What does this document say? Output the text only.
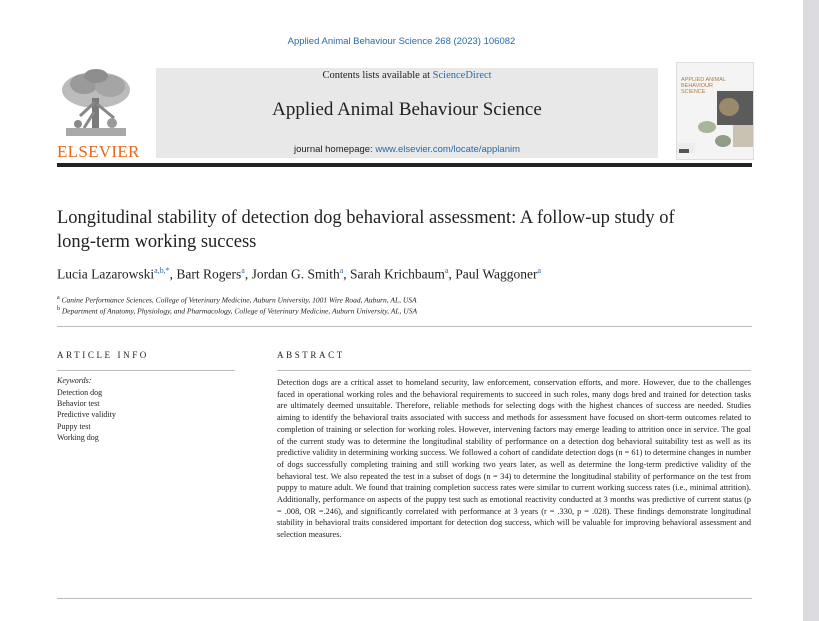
Applied Animal Behaviour Science 268 (2023) 106082
ELSEVIER
Contents lists available at ScienceDirect
Applied Animal Behaviour Science
journal homepage: www.elsevier.com/locate/applanim
APPLIED ANIMAL BEHAVIOUR SCIENCE
Longitudinal stability of detection dog behavioral assessment: A follow-up study of long-term working success
Lucia Lazarowski$^{a,b,*}$, Bart Rogers$^a$, Jordan G. Smith$^a$, Sarah Krichbaum$^a$, Paul Waggoner$^a$
$^a$ Canine Performance Sciences, College of Veterinary Medicine, Auburn University, 1001 Wire Road, Auburn, AL, USA
$^b$ Department of Anatomy, Physiology, and Pharmacology, College of Veterinary Medicine, Auburn University, AL, USA
ARTICLE INFO
Keywords:
Detection dog
Behavior test
Predictive validity
Puppy test
Working dog
ABSTRACT
Detection dogs are a critical asset to homeland security, law enforcement, conservation efforts, and more. However, due to the challenges faced in operational working roles and the behavioral requirements to succeed in such roles, many dogs bred and trained for detection tasks are ultimately deemed unsuitable. Therefore, reliable methods for selecting dogs with the highest chances of success are needed. Studies aiming to identify the behavioral traits associated with success and methods for assessment have focused on short-term outcomes related to completion of training or selection for working roles. However, intervening factors may emerge leading to attrition once in service. The goal of the current study was to determine the longitudinal stability of performance on a detection dog behavioral suitability test as well as its predictive validity in determining working success. We followed a cohort of candidate detection dogs (n = 61) to determine changes in number of dogs successfully completing training and still working two years later, as well as determine the long-term predictive validity of the behavioral test. We also repeated the test in a subset of dogs (n = 34) to determine the longitudinal stability of performance on the test from puppy to mature adult. We found that training completion success rates were similar to current working success rates (i.e., minimal attrition). Additionally, performance on aspects of the puppy test such as emotional reactivity conducted at 3 months was predictive of current status (p = .008, OR =.246), and significantly correlated with performance at 3 years (r = .330, p = .028). These findings demonstrate longitudinal stability in behavioral traits considered important for detection dog success, which will be valuable for improving behavioral assessment and selection measures.
